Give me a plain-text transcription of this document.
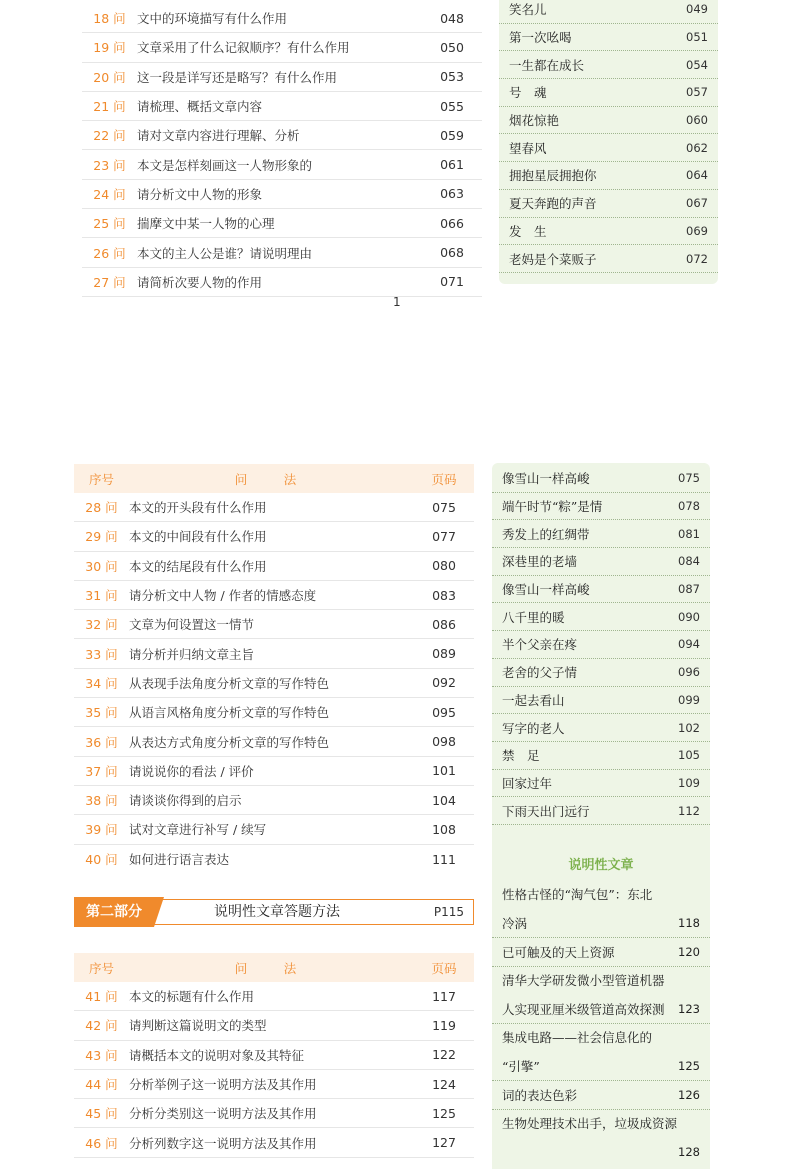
18 问 文中的环境描写有什么作用	048
19 问 文章采用了什么记叙顺序？有什么作用	050
20 问 这一段是详写还是略写？有什么作用	053
21 问 请梳理、概括文章内容	055
22 问 请对文章内容进行理解、分析	059
23 问 本文是怎样刻画这一人物形象的	061
24 问 请分析文中人物的形象	063
25 问 揣摩文中某一人物的心理	066
26 问 本文的主人公是谁？请说明理由	068
27 问 请简析次要人物的作用	071
笑名儿	049
第一次吆喝	051
一生都在成长	054
号　魂	057
烟花惊艳	060
望春风	062
拥抱星辰拥抱你	064
夏天奔跑的声音	067
发　生	069
老妈是个菜贩子	072
1
序号	问　法	页码
28 问 本文的开头段有什么作用	075
29 问 本文的中间段有什么作用	077
30 问 本文的结尾段有什么作用	080
31 问 请分析文中人物 / 作者的情感态度	083
32 问 文章为何设置这一情节	086
33 问 请分析并归纳文章主旨	089
34 问 从表现手法角度分析文章的写作特色	092
35 问 从语言风格角度分析文章的写作特色	095
36 问 从表达方式角度分析文章的写作特色	098
37 问 请说说你的看法 / 评价	101
38 问 请谈谈你得到的启示	104
39 问 试对文章进行补写 / 续写	108
40 问 如何进行语言表达	111
第二部分	说明性文章答题方法	P115
序号	问　法	页码
41 问 本文的标题有什么作用	117
42 问 请判断这篇说明文的类型	119
43 问 请概括本文的说明对象及其特征	122
44 问 分析举例子这一说明方法及其作用	124
45 问 分析分类别这一说明方法及其作用	125
46 问 分析列数字这一说明方法及其作用	127
像雪山一样高峻	075
端午时节“粽”是情	078
秀发上的红绸带	081
深巷里的老墙	084
像雪山一样高峻	087
八千里的暖	090
半个父亲在疼	094
老舍的父子情	096
一起去看山	099
写字的老人	102
禁　足	105
回家过年	109
下雨天出门远行	112
说明性文章
性格古怪的“淘气包”：东北
冷涡	118
已可触及的天上资源	120
清华大学研发微小型管道机器
人实现亚厘米级管道高效探测 123
集成电路——社会信息化的
“引擎”	125
词的表达色彩	126
生物处理技术出手，垃圾成资源
128
